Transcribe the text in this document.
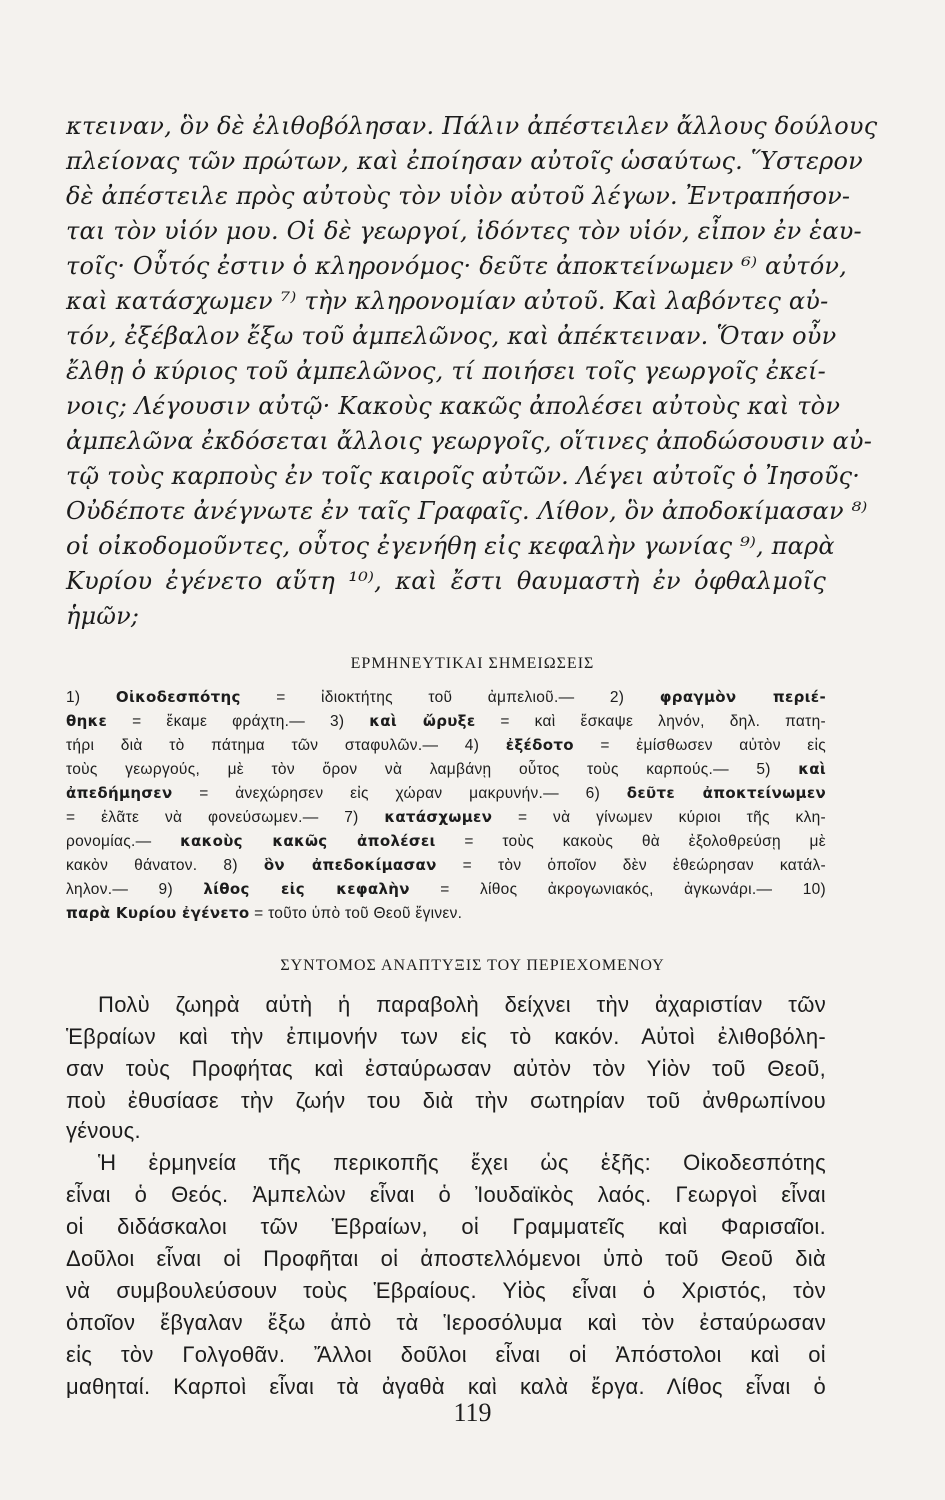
κτειναν, ὃν δὲ ἐλιθοβόλησαν. Πάλιν ἀπέστειλεν ἄλλους δούλους
πλείονας τῶν πρώτων, καὶ ἐποίησαν αὐτοῖς ὡσαύτως. Ὕστερον
δὲ ἀπέστειλε πρὸς αὐτοὺς τὸν υἱὸν αὐτοῦ λέγων. Ἐντραπήσον-
ται τὸν υἱόν μου. Οἱ δὲ γεωργοί, ἰδόντες τὸν υἱόν, εἶπον ἐν ἑαυ-
τοῖς· Οὗτός ἐστιν ὁ κληρονόμος· δεῦτε ἀποκτείνωμεν ⁶⁾ αὐτόν,
καὶ κατάσχωμεν ⁷⁾ τὴν κληρονομίαν αὐτοῦ. Καὶ λαβόντες αὐ-
τόν, ἐξέβαλον ἔξω τοῦ ἀμπελῶνος, καὶ ἀπέκτειναν. Ὅταν οὖν
ἔλθῃ ὁ κύριος τοῦ ἀμπελῶνος, τί ποιήσει τοῖς γεωργοῖς ἐκεί-
νοις; Λέγουσιν αὐτῷ· Κακοὺς κακῶς ἀπολέσει αὐτοὺς καὶ τὸν
ἀμπελῶνα ἐκδόσεται ἄλλοις γεωργοῖς, οἵτινες ἀποδώσουσιν αὐ-
τῷ τοὺς καρποὺς ἐν τοῖς καιροῖς αὐτῶν. Λέγει αὐτοῖς ὁ Ἰησοῦς·
Οὐδέποτε ἀνέγνωτε ἐν ταῖς Γραφαῖς. Λίθον, ὃν ἀποδοκίμασαν ⁸⁾
οἱ οἰκοδομοῦντες, οὗτος ἐγενήθη εἰς κεφαλὴν γωνίας ⁹⁾, παρὰ
Κυρίου ἐγένετο αὕτη ¹⁰⁾, καὶ ἔστι θαυμαστὴ ἐν ὀφθαλμοῖς
ἡμῶν;
ΕΡΜΗΝΕΥΤΙΚΑΙ ΣΗΜΕΙΩΣΕΙΣ
1) Οἰκοδεσπότης = ἰδιοκτήτης τοῦ ἀμπελιοῦ.— 2) φραγμὸν περιέ-
θηκε = ἔκαμε φράχτη.— 3) καὶ ὤρυξε = καὶ ἔσκαψε ληνόν, δηλ. πατη-
τήρι διὰ τὸ πάτημα τῶν σταφυλῶν.— 4) ἐξέδοτο = ἐμίσθωσεν αὐτὸν εἰς
τοὺς γεωργούς, μὲ τὸν ὅρον νὰ λαμβάνῃ οὗτος τοὺς καρπούς.— 5) καὶ
ἀπεδήμησεν = ἀνεχώρησεν εἰς χώραν μακρυνήν.— 6) δεῦτε ἀποκτείνωμεν
= ἐλᾶτε νὰ φονεύσωμεν.— 7) κατάσχωμεν = νὰ γίνωμεν κύριοι τῆς κλη-
ρονομίας.— κακοὺς κακῶς ἀπολέσει = τοὺς κακοὺς θὰ ἐξολοθρεύσῃ μὲ
κακὸν θάνατον. 8) ὃν ἀπεδοκίμασαν = τὸν ὁποῖον δὲν ἐθεώρησαν κατάλ-
ληλον.— 9) λίθος εἰς κεφαλὴν = λίθος ἀκρογωνιακός, ἀγκωνάρι.— 10)
παρὰ Κυρίου ἐγένετο = τοῦτο ὑπὸ τοῦ Θεοῦ ἔγινεν.
ΣΥΝΤΟΜΟΣ ΑΝΑΠΤΥΞΙΣ ΤΟΥ ΠΕΡΙΕΧΟΜΕΝΟΥ
Πολὺ ζωηρὰ αὐτὴ ἡ παραβολὴ δείχνει τὴν ἀχαριστίαν τῶν
Ἑβραίων καὶ τὴν ἐπιμονήν των εἰς τὸ κακόν. Αὐτοὶ ἐλιθοβόλη-
σαν τοὺς Προφήτας καὶ ἐσταύρωσαν αὐτὸν τὸν Υἱὸν τοῦ Θεοῦ,
ποὺ ἐθυσίασε τὴν ζωήν του διὰ τὴν σωτηρίαν τοῦ ἀνθρωπίνου
γένους.
Ἡ ἑρμηνεία τῆς περικοπῆς ἔχει ὡς ἑξῆς: Οἰκοδεσπότης
εἶναι ὁ Θεός. Ἀμπελὼν εἶναι ὁ Ἰουδαϊκὸς λαός. Γεωργοὶ εἶναι
οἱ διδάσκαλοι τῶν Ἑβραίων, οἱ Γραμματεῖς καὶ Φαρισαῖοι.
Δοῦλοι εἶναι οἱ Προφῆται οἱ ἀποστελλόμενοι ὑπὸ τοῦ Θεοῦ διὰ
νὰ συμβουλεύσουν τοὺς Ἑβραίους. Υἱὸς εἶναι ὁ Χριστός, τὸν
ὁποῖον ἔβγαλαν ἔξω ἀπὸ τὰ Ἱεροσόλυμα καὶ τὸν ἐσταύρωσαν
εἰς τὸν Γολγοθᾶν. Ἄλλοι δοῦλοι εἶναι οἱ Ἀπόστολοι καὶ οἱ
μαθηταί. Καρποὶ εἶναι τὰ ἀγαθὰ καὶ καλὰ ἔργα. Λίθος εἶναι ὁ
119
